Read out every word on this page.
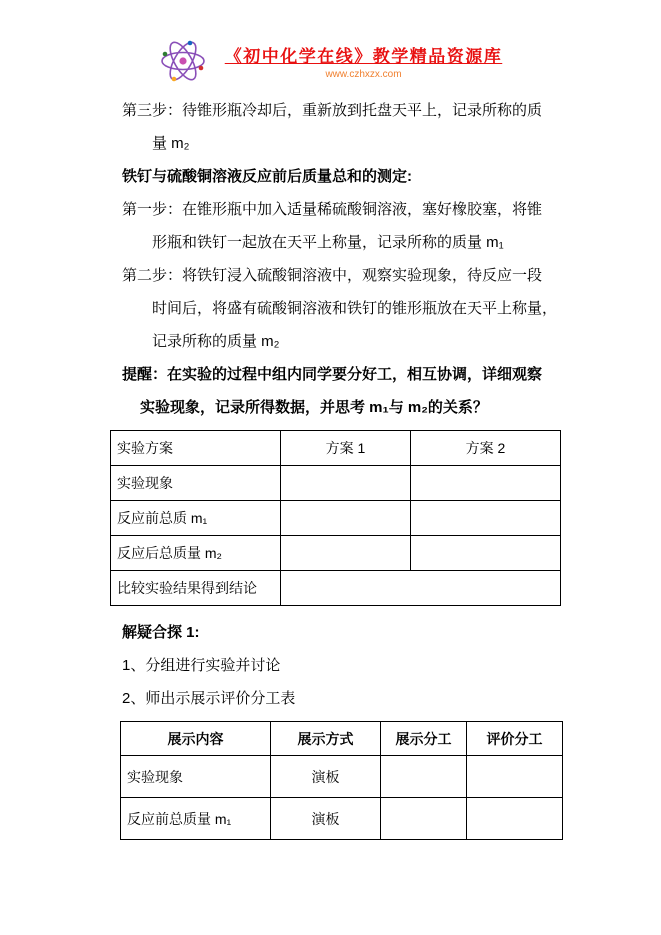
《初中化学在线》教学精品资源库
www.czhxzx.com
第三步：待锥形瓶冷却后，重新放到托盘天平上，记录所称的质
量 m₂
铁钉与硫酸铜溶液反应前后质量总和的测定:
第一步：在锥形瓶中加入适量稀硫酸铜溶液，塞好橡胶塞，将锥
形瓶和铁钉一起放在天平上称量，记录所称的质量 m₁
第二步：将铁钉浸入硫酸铜溶液中，观察实验现象，待反应一段
时间后，将盛有硫酸铜溶液和铁钉的锥形瓶放在天平上称量，
记录所称的质量 m₂
提醒：在实验的过程中组内同学要分好工，相互协调，详细观察
实验现象，记录所得数据，并思考 m₁与 m₂的关系？
实验方案	方案 1	方案 2
实验现象		
反应前总质 m₁		
反应后总质量 m₂		
比较实验结果得到结论		
解疑合探 1:
1、分组进行实验并讨论
2、师出示展示评价分工表
展示内容	展示方式	展示分工	评价分工
实验现象	演板		
反应前总质量 m₁	演板		
